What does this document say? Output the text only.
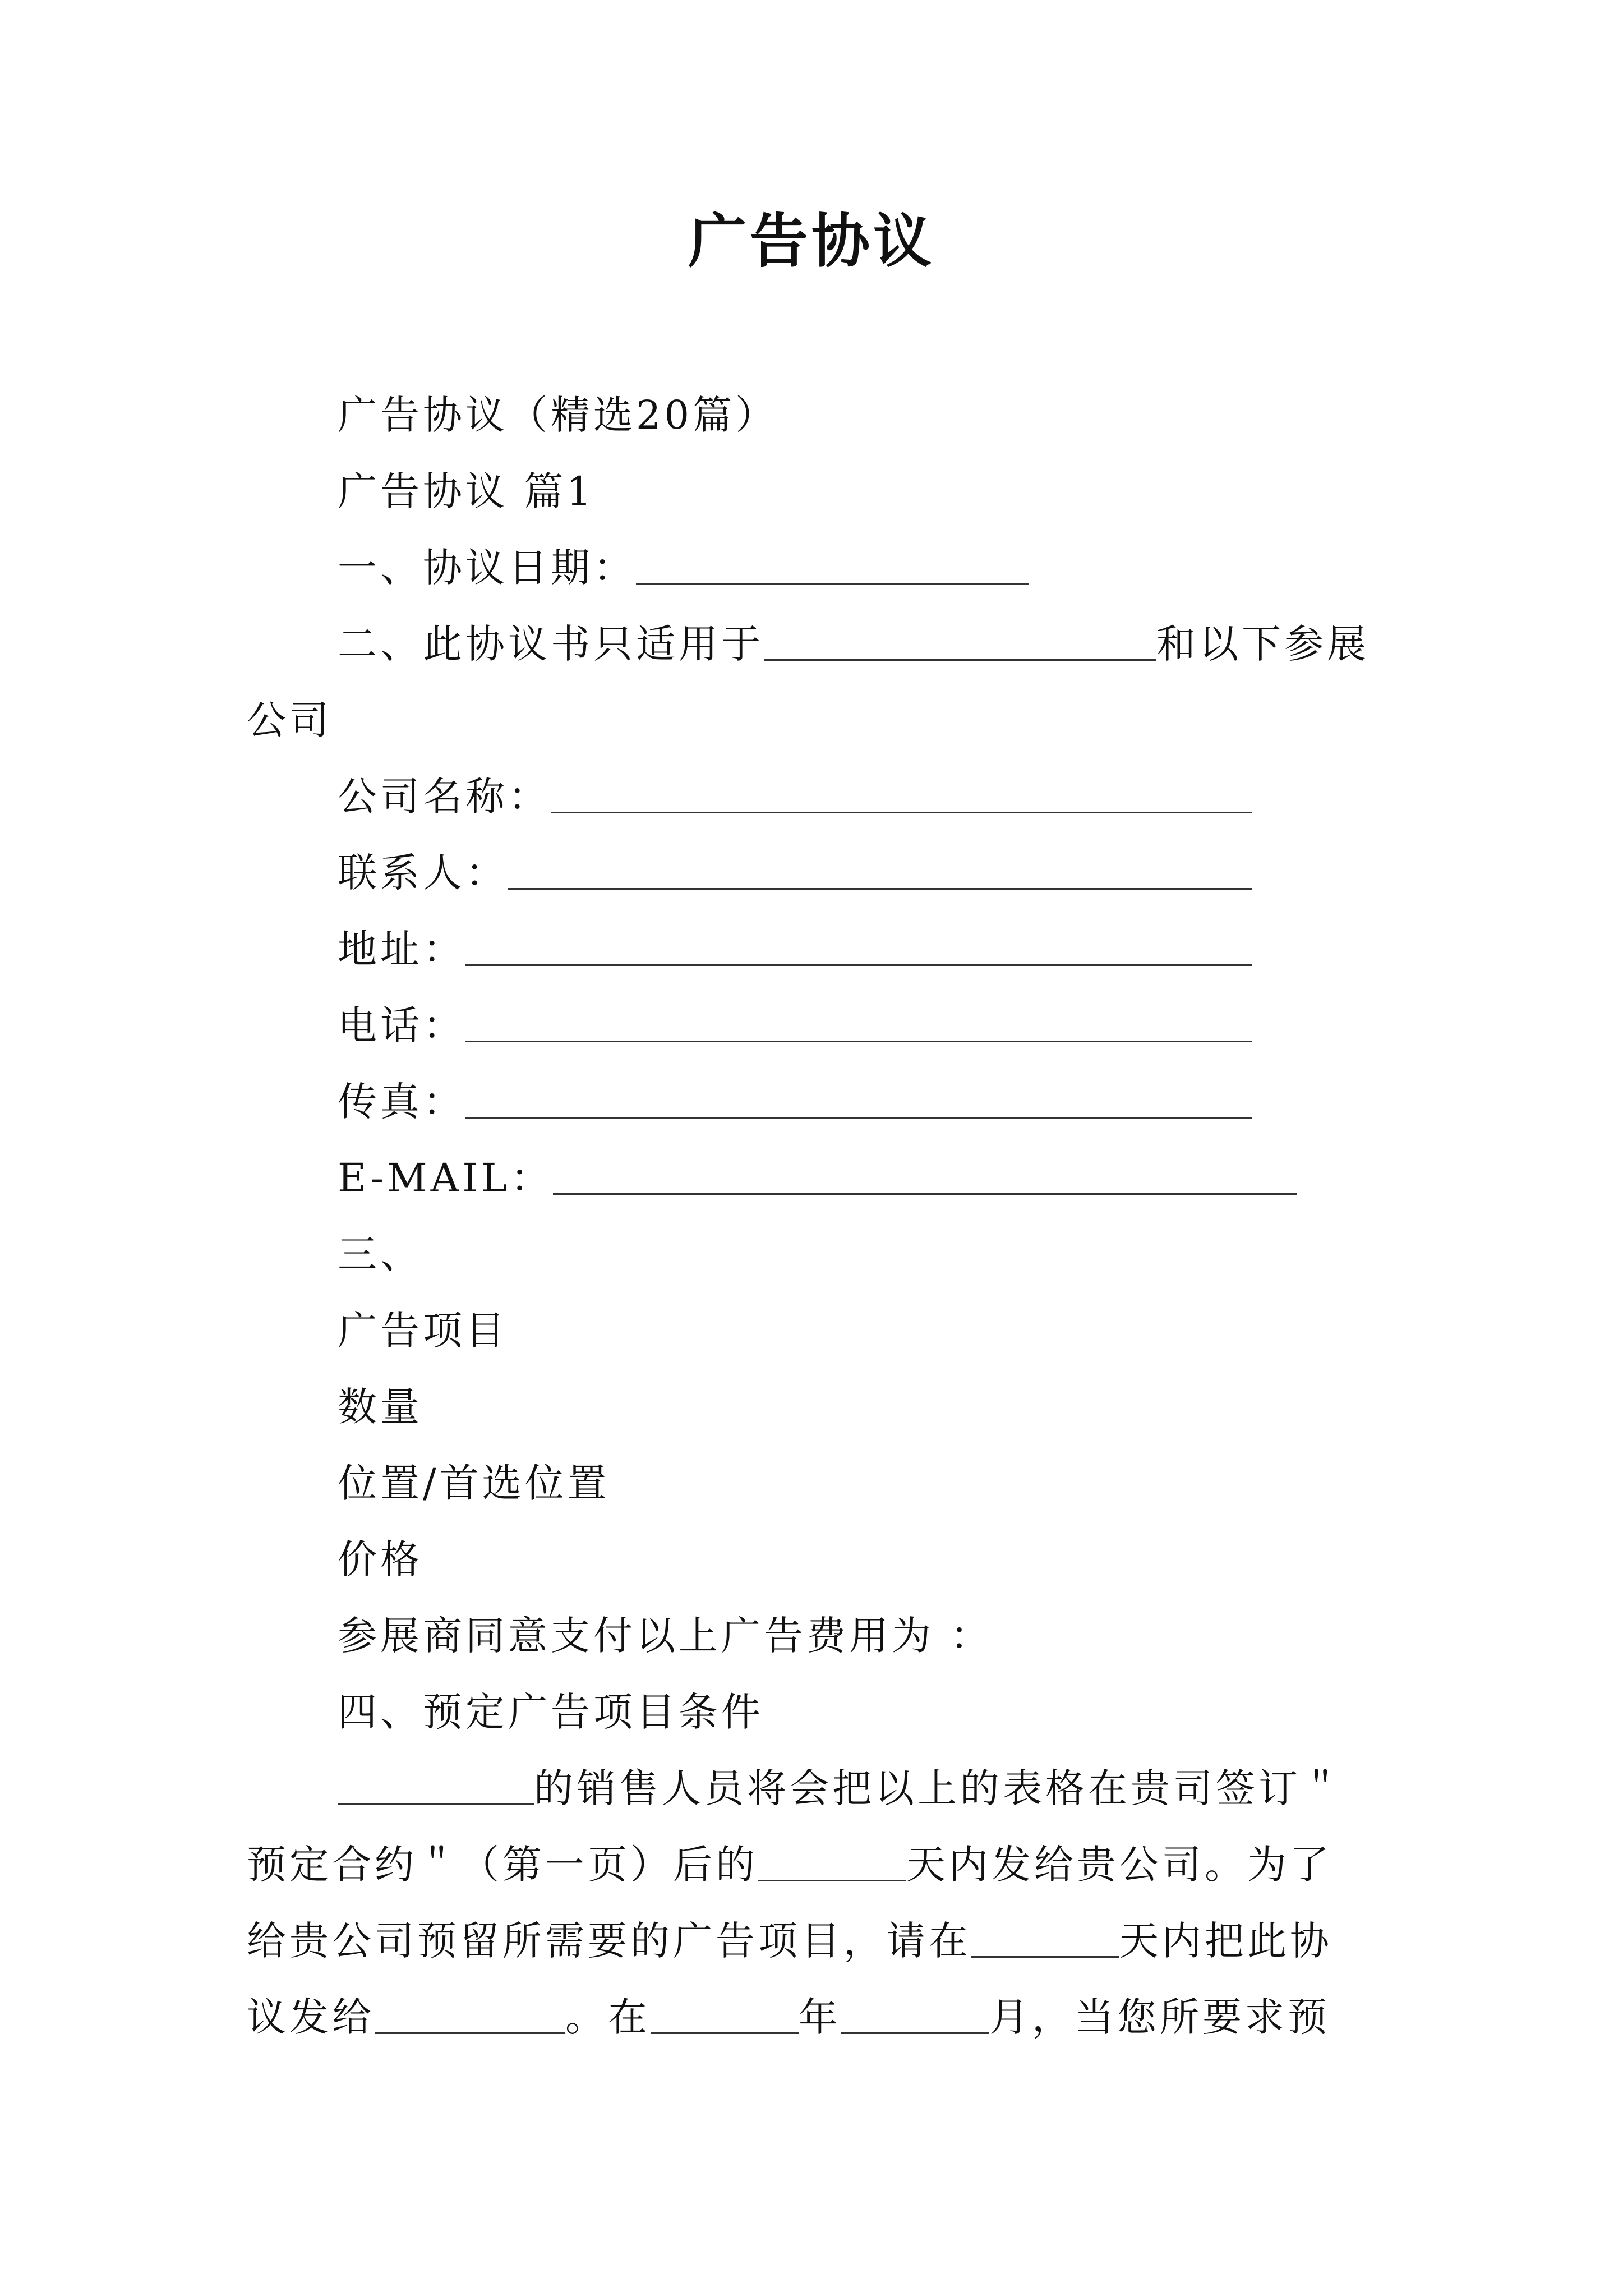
广告协议
广告协议（精选20篇）
广告协议 篇1
一、协议日期：
二、此协议书只适用于	和以下参展
公司
公司名称：
联系人：
地址：
电话：
传真：
E-MAIL：
三、
广告项目
数量
位置/首选位置
价格
参展商同意支付以上广告费用为 ：
四、预定广告项目条件
的销售人员将会把以上的表格在贵司签订＂
预定合约＂（第一页）后的	天内发给贵公司。为了
给贵公司预留所需要的广告项目，请在	天内把此协
议发给	。在	年	月，当您所要求预
